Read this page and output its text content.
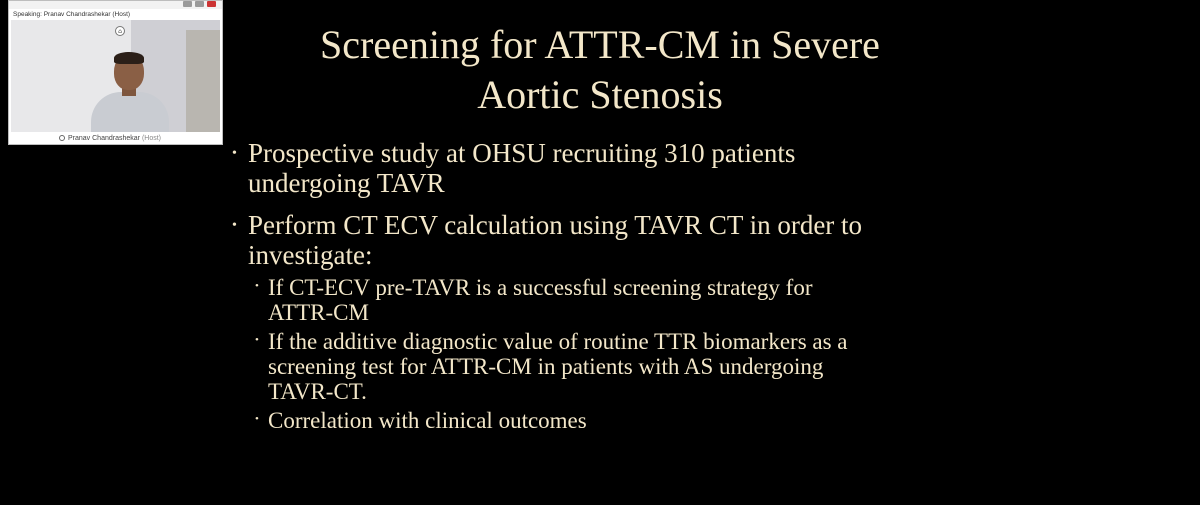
Speaking: Pranav Chandrashekar (Host)
⌂
Pranav Chandrashekar (Host)
Screening for ATTR-CM in Severe
Aortic Stenosis
• Prospective study at OHSU recruiting 310 patients
undergoing TAVR
• Perform CT ECV calculation using TAVR CT in order to
investigate:
• If CT-ECV pre-TAVR is a successful screening strategy for
ATTR-CM
• If the additive diagnostic value of routine TTR biomarkers as a
screening test for ATTR-CM in patients with AS undergoing
TAVR-CT.
• Correlation with clinical outcomes
